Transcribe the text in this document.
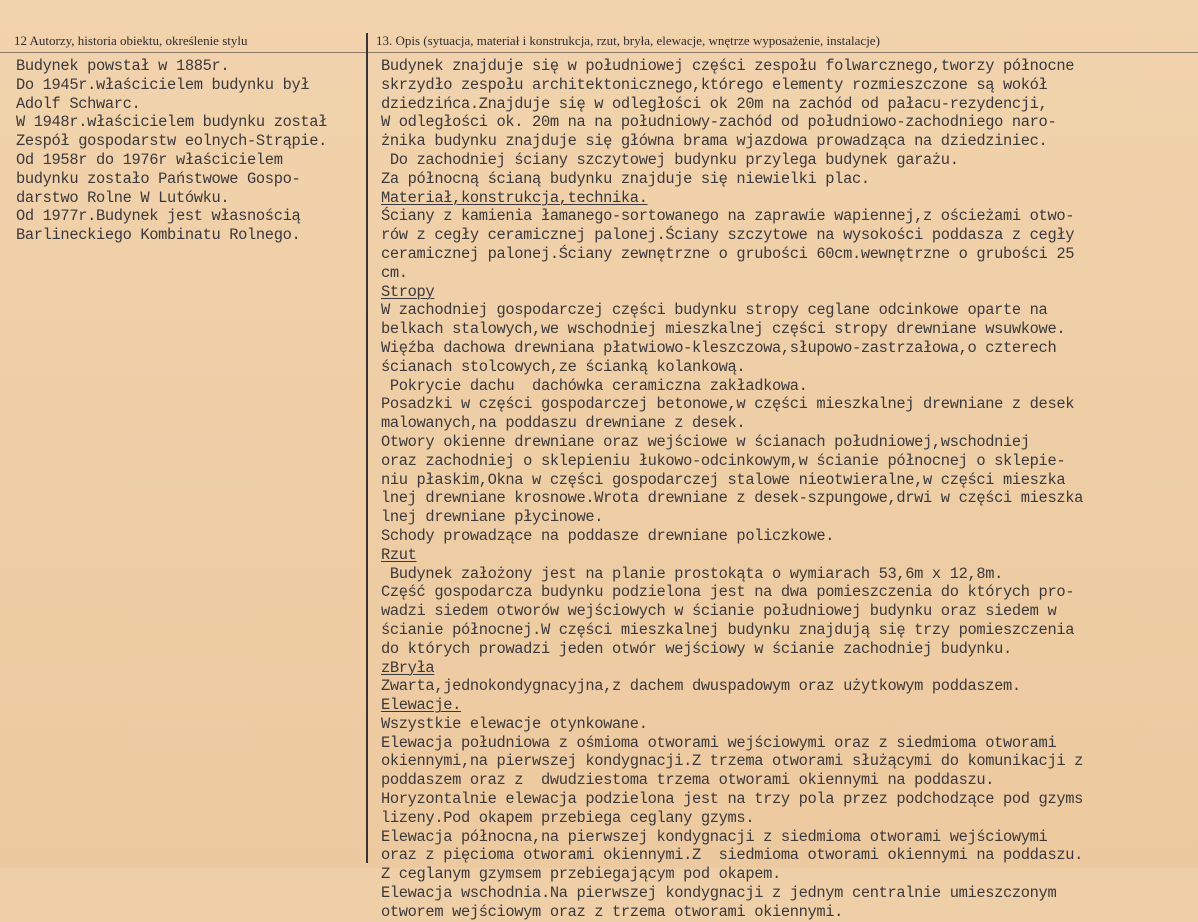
12 Autorzy, historia obiektu, określenie stylu	13. Opis (sytuacja, materiał i konstrukcja, rzut, bryła, elewacje, wnętrze wyposażenie, instalacje)
Budynek powstał w 1885r.
Do 1945r.właścicielem budynku był
Adolf Schwarc.
W 1948r.właścicielem budynku został
Zespół gospodarstw eolnych-Strąpie.
Od 1958r do 1976r właścicielem
budynku zostało Państwowe Gospo-
darstwo Rolne W Lutówku.
Od 1977r.Budynek jest własnością
Barlineckiego Kombinatu Rolnego.
Budynek znajduje się w południowej części zespołu folwarcznego,tworzy północne
skrzydło zespołu architektonicznego,którego elementy rozmieszczone są wokół
dziedzińca.Znajduje się w odległości ok 20m na zachód od pałacu-rezydencji,
W odległości ok. 20m na na południowy-zachód od południowo-zachodniego naro-
żnika budynku znajduje się główna brama wjazdowa prowadząca na dziedziniec.
Do zachodniej ściany szczytowej budynku przylega budynek garażu.
Za północną ścianą budynku znajduje się niewielki plac.
Materiał,konstrukcja,technika.
Ściany z kamienia łamanego-sortowanego na zaprawie wapiennej,z ościeżami otwo-
rów z cegły ceramicznej palonej.Ściany szczytowe na wysokości poddasza z cegły
ceramicznej palonej.Ściany zewnętrzne o grubości 60cm.wewnętrzne o grubości 25
cm.
Stropy
W zachodniej gospodarczej części budynku stropy ceglane odcinkowe oparte na
belkach stalowych,we wschodniej mieszkalnej części stropy drewniane wsuwkowe.
Więźba dachowa drewniana płatwiowo-kleszczowa,słupowo-zastrzałowa,o czterech
ścianach stolcowych,ze ścianką kolankową.
Pokrycie dachu  dachówka ceramiczna zakładkowa.
Posadzki w części gospodarczej betonowe,w części mieszkalnej drewniane z desek
malowanych,na poddaszu drewniane z desek.
Otwory okienne drewniane oraz wejściowe w ścianach południowej,wschodniej
oraz zachodniej o sklepieniu łukowo-odcinkowym,w ścianie północnej o sklepie-
niu płaskim,Okna w części gospodarczej stalowe nieotwieralne,w części mieszka
lnej drewniane krosnowe.Wrota drewniane z desek-szpungowe,drwi w części mieszka
lnej drewniane płycinowe.
Schody prowadzące na poddasze drewniane policzkowe.
Rzut
Budynek założony jest na planie prostokąta o wymiarach 53,6m x 12,8m.
Część gospodarcza budynku podzielona jest na dwa pomieszczenia do których pro-
wadzi siedem otworów wejściowych w ścianie południowej budynku oraz siedem w
ścianie północnej.W części mieszkalnej budynku znajdują się trzy pomieszczenia
do których prowadzi jeden otwór wejściowy w ścianie zachodniej budynku.
zBryła
Zwarta,jednokondygnacyjna,z dachem dwuspadowym oraz użytkowym poddaszem.
Elewacje.
Wszystkie elewacje otynkowane.
Elewacja południowa z ośmioma otworami wejściowymi oraz z siedmioma otworami
okiennymi,na pierwszej kondygnacji.Z trzema otworami służącymi do komunikacji z
poddaszem oraz z  dwudziestoma trzema otworami okiennymi na poddaszu.
Horyzontalnie elewacja podzielona jest na trzy pola przez podchodzące pod gzyms
lizeny.Pod okapem przebiega ceglany gzyms.
Elewacja północna,na pierwszej kondygnacji z siedmioma otworami wejściowymi
oraz z pięcioma otworami okiennymi.Z  siedmioma otworami okiennymi na poddaszu.
Z ceglanym gzymsem przebiegającym pod okapem.
Elewacja wschodnia.Na pierwszej kondygnacji z jednym centralnie umieszczonym
otworem wejściowym oraz z trzema otworami okiennymi.
